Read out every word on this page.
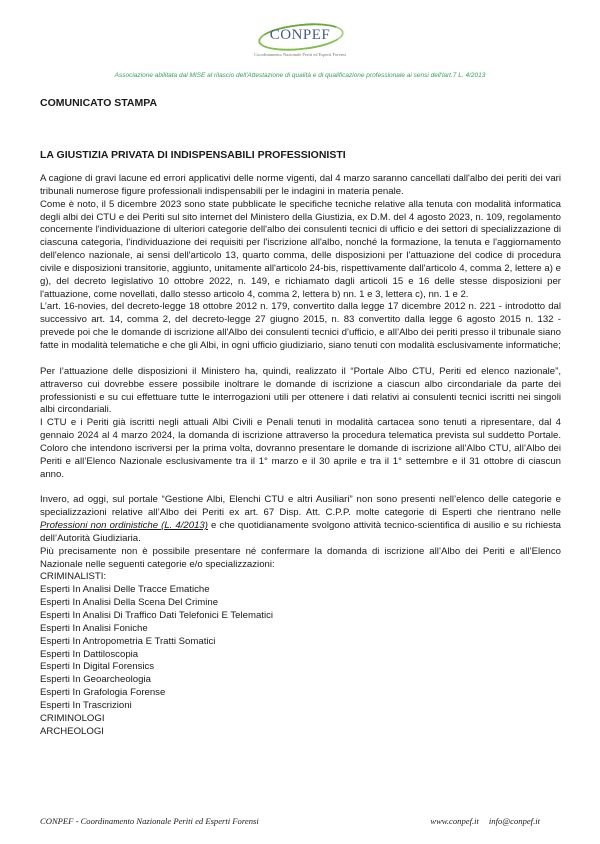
CONPEF
Coordinamento Nazionale Periti ed Esperti Forensi
Associazione abilitata dal MISE al rilascio dell'Attestazione di qualità e di qualificazione professionale ai sensi dell'lart.7 L. 4/2013
COMUNICATO STAMPA
LA GIUSTIZIA PRIVATA DI INDISPENSABILI PROFESSIONISTI

A cagione di gravi lacune ed errori applicativi delle norme vigenti, dal 4 marzo saranno cancellati dall'albo dei periti dei vari tribunali numerose figure professionali indispensabili per le indagini in materia penale.

Come è noto, il 5 dicembre 2023 sono state pubblicate le specifiche tecniche relative alla tenuta con modalità informatica degli albi dei CTU e dei Periti sul sito internet del Ministero della Giustizia, ex D.M. del 4 agosto 2023, n. 109, regolamento concernente l'individuazione di ulteriori categorie dell'albo dei consulenti tecnici di ufficio e dei settori di specializzazione di ciascuna categoria, l'individuazione dei requisiti per l'iscrizione all'albo, nonché la formazione, la tenuta e l'aggiornamento dell'elenco nazionale, ai sensi dell'articolo 13, quarto comma, delle disposizioni per l'attuazione del codice di procedura civile e disposizioni transitorie, aggiunto, unitamente all'articolo 24-bis, rispettivamente dall'articolo 4, comma 2, lettere a) e g), del decreto legislativo 10 ottobre 2022, n. 149, e richiamato dagli articoli 15 e 16 delle stesse disposizioni per l'attuazione, come novellati, dallo stesso articolo 4, comma 2, lettera b) nn. 1 e 3, lettera c), nn. 1 e 2.

L’art. 16-novies, del decreto-legge 18 ottobre 2012 n. 179, convertito dalla legge 17 dicembre 2012 n. 221 - introdotto dal successivo art. 14, comma 2, del decreto-legge 27 giugno 2015, n. 83 convertito dalla legge 6 agosto 2015 n. 132 - prevede poi che le domande di iscrizione all'Albo dei consulenti tecnici d’ufficio, e all’Albo dei periti presso il tribunale siano fatte in modalità telematiche e che gli Albi, in ogni ufficio giudiziario, siano tenuti con modalità esclusivamente informatiche;

Per l’attuazione delle disposizioni il Ministero ha, quindi, realizzato il “Portale Albo CTU, Periti ed elenco nazionale”, attraverso cui dovrebbe essere possibile inoltrare le domande di iscrizione a ciascun albo circondariale da parte dei professionisti e su cui effettuare tutte le interrogazioni utili per ottenere i dati relativi ai consulenti tecnici iscritti nei singoli albi circondariali.

I CTU e i Periti già iscritti negli attuali Albi Civili e Penali tenuti in modalità cartacea sono tenuti a ripresentare, dal 4 gennaio 2024 al 4 marzo 2024, la domanda di iscrizione attraverso la procedura telematica prevista sul suddetto Portale. Coloro che intendono iscriversi per la prima volta, dovranno presentare le domande di iscrizione all’Albo CTU, all’Albo dei Periti e all’Elenco Nazionale esclusivamente tra il 1° marzo e il 30 aprile e tra il 1° settembre e il 31 ottobre di ciascun anno.

Invero, ad oggi, sul portale “Gestione Albi, Elenchi CTU e altri Ausiliari” non sono presenti nell’elenco delle categorie e specializzazioni relative all’Albo dei Periti ex art. 67 Disp. Att. C.P.P. molte categorie di Esperti che rientrano nelle Professioni non ordinistiche (L. 4/2013) e che quotidianamente svolgono attività tecnico-scientifica di ausilio e su richiesta dell’Autorità Giudiziaria.

Più precisamente non è possibile presentare né confermare la domanda di iscrizione all’Albo dei Periti e all’Elenco Nazionale nelle seguenti categorie e/o specializzazioni:

CRIMINALISTI:

Esperti In Analisi Delle Tracce Ematiche

Esperti In Analisi Della Scena Del Crimine

Esperti In Analisi Di Traffico Dati Telefonici E Telematici

Esperti In Analisi Foniche

Esperti In Antropometria E Tratti Somatici

Esperti In Dattiloscopia

Esperti In Digital Forensics

Esperti In Geoarcheologia

Esperti In Grafologia Forense

Esperti In Trascrizioni

CRIMINOLOGI

ARCHEOLOGI

CONPEF - Coordinamento Nazionale Periti ed Esperti Forensi	www.conpef.it info@conpef.it
